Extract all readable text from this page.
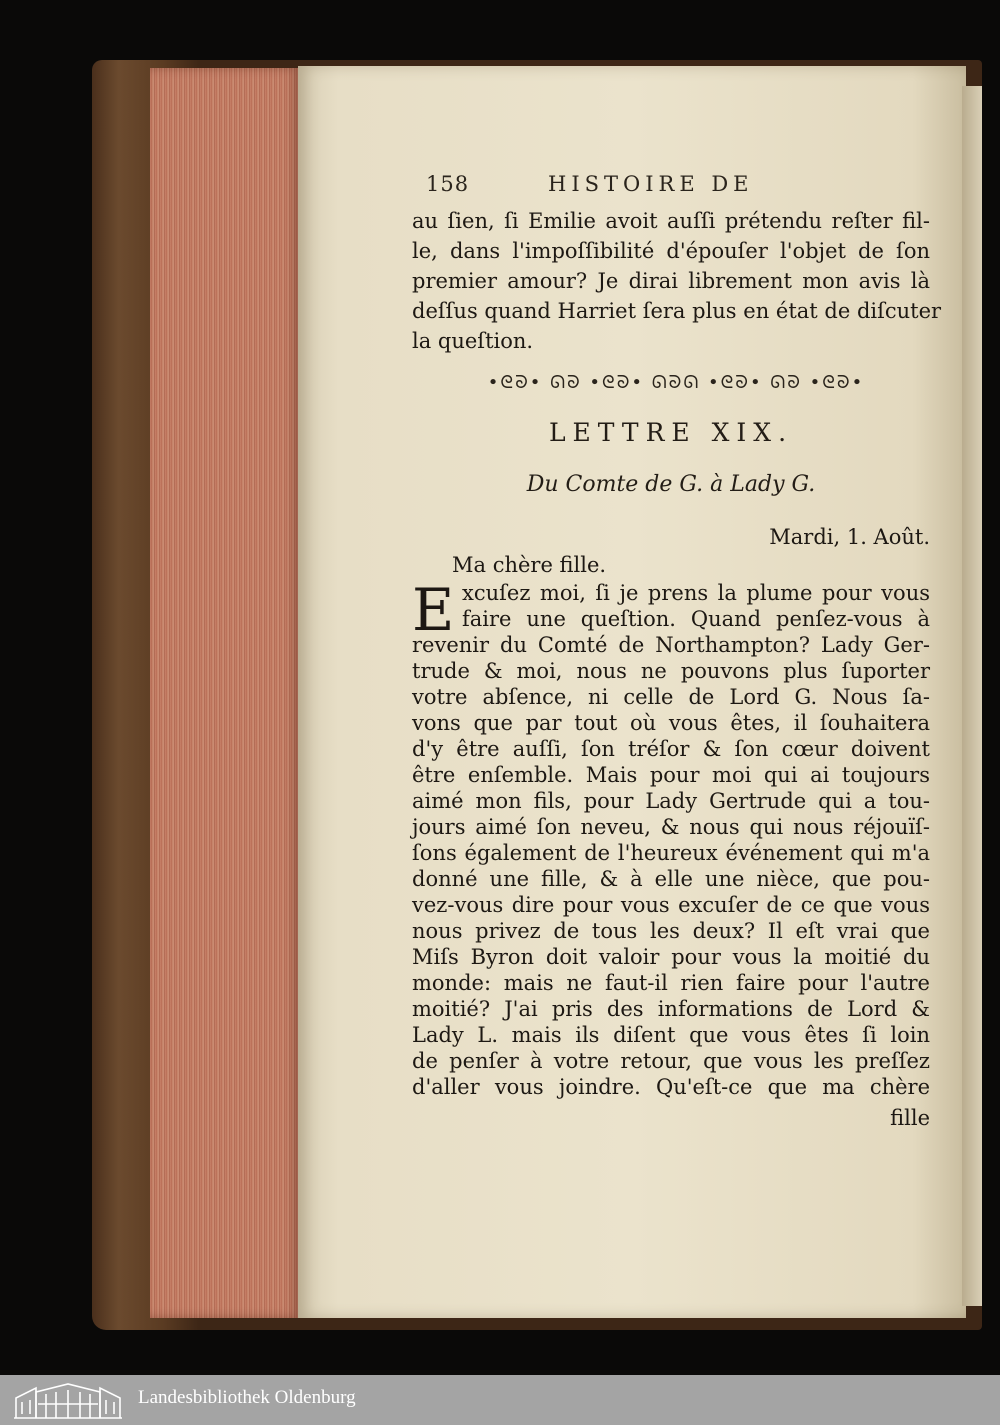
158	HISTOIRE DE
au ſien, ſi Emilie avoit auſſi prétendu reſter fil-
le, dans l'impoſſibilité d'épouſer l'objet de ſon
premier amour? Je dirai librement mon avis là
deſſus quand Harriet ſera plus en état de diſcuter
la queſtion.
•ᘓᘐ• ᘏᘐ •ᘓᘐ• ᘏᘐᘏ •ᘓᘐ• ᘏᘐ •ᘓᘐ•
LETTRE XIX.
Du Comte de G. à Lady G.
Mardi, 1. Août.
Ma chère fille.
E xcuſez moi, ſi je prens la plume pour vous
faire une queſtion. Quand penſez-vous à
revenir du Comté de Northampton? Lady Ger-
trude & moi, nous ne pouvons plus ſuporter
votre abſence, ni celle de Lord G. Nous ſa-
vons que par tout où vous êtes, il ſouhaitera
d'y être auſſi, ſon tréſor & ſon cœur doivent
être enſemble. Mais pour moi qui ai toujours
aimé mon fils, pour Lady Gertrude qui a tou-
jours aimé ſon neveu, & nous qui nous réjouïſ-
ſons également de l'heureux événement qui m'a
donné une fille, & à elle une nièce, que pou-
vez-vous dire pour vous excuſer de ce que vous
nous privez de tous les deux? Il eſt vrai que
Miſs Byron doit valoir pour vous la moitié du
monde: mais ne faut-il rien faire pour l'autre
moitié? J'ai pris des informations de Lord &
Lady L. mais ils diſent que vous êtes ſi loin
de penſer à votre retour, que vous les preſſez
d'aller vous joindre. Qu'eſt-ce que ma chère
fille
Landesbibliothek Oldenburg
